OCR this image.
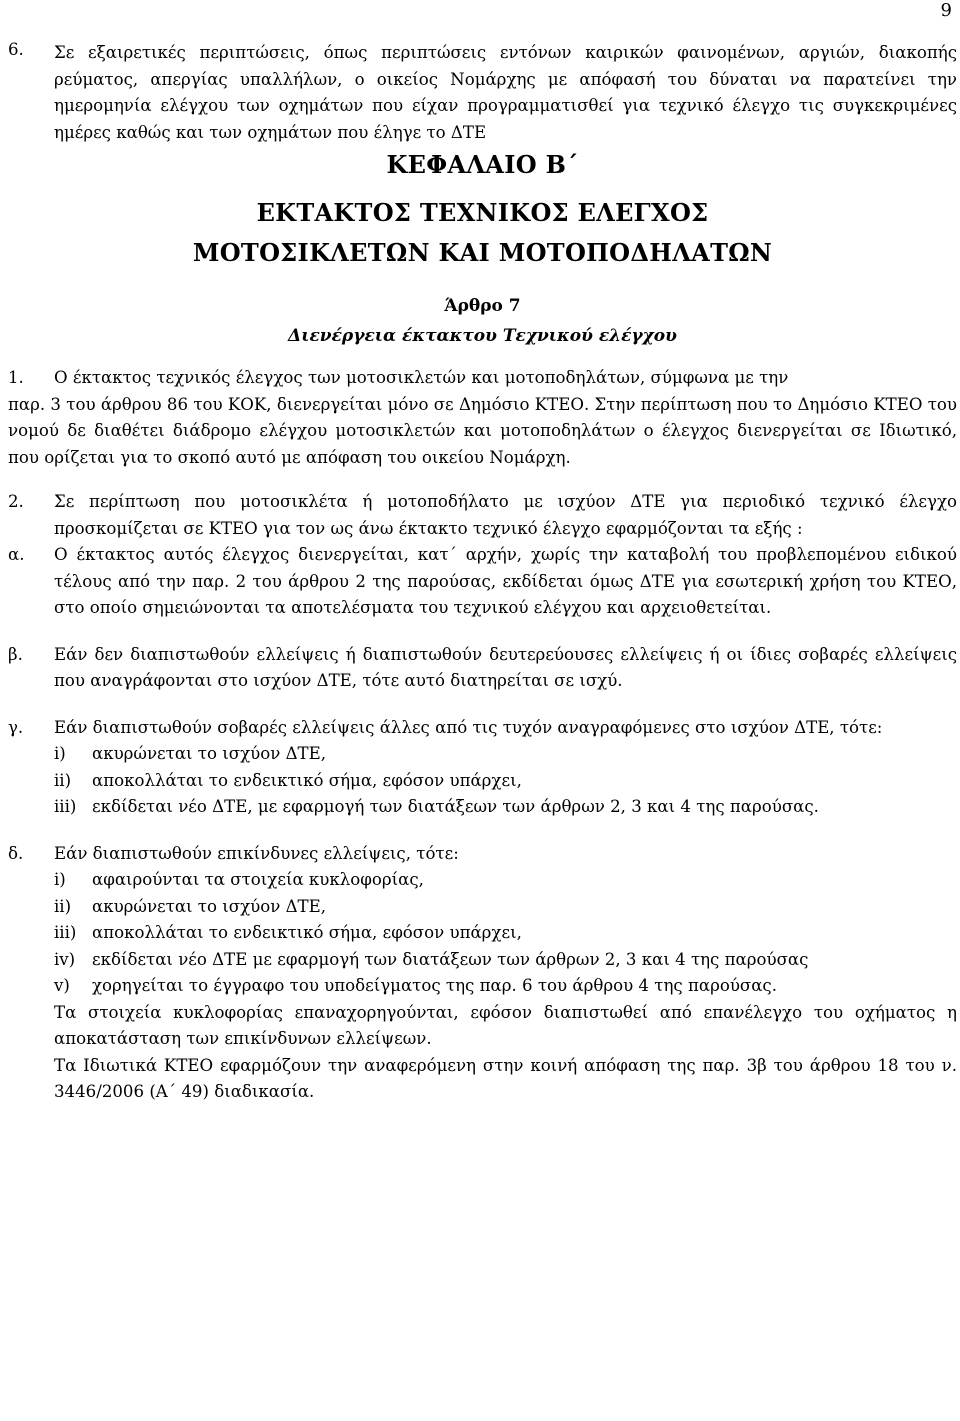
9
6.	Σε εξαιρετικές περιπτώσεις, όπως περιπτώσεις εντόνων καιρικών φαινομένων, αργιών, διακοπής ρεύματος, απεργίας υπαλλήλων, ο οικείος Νομάρχης με απόφασή του δύναται να παρατείνει την ημερομηνία ελέγχου των οχημάτων που είχαν προγραμματισθεί για τεχνικό έλεγχο τις συγκεκριμένες ημέρες καθώς και των οχημάτων που έληγε το ΔΤΕ

ΚΕΦΑΛΑΙΟ Β΄

ΕΚΤΑΚΤΟΣ ΤΕΧΝΙΚΟΣ ΕΛΕΓΧΟΣ

ΜΟΤΟΣΙΚΛΕΤΩΝ ΚΑΙ ΜΟΤΟΠΟΔΗΛΑΤΩΝ

Άρθρο 7

Διενέργεια έκτακτου Τεχνικού ελέγχου

1.	Ο έκτακτος τεχνικός έλεγχος των μοτοσικλετών και μοτοποδηλάτων, σύμφωνα με την

παρ. 3 του άρθρου 86 του ΚΟΚ, διενεργείται μόνο σε Δημόσιο ΚΤΕΟ. Στην περίπτωση που το Δημόσιο ΚΤΕΟ του νομού δε διαθέτει διάδρομο ελέγχου μοτοσικλετών και μοτοποδηλάτων ο έλεγχος διενεργείται σε Ιδιωτικό, που ορίζεται για το σκοπό αυτό με απόφαση του οικείου Νομάρχη.

2.	Σε περίπτωση που μοτοσικλέτα ή μοτοποδήλατο με ισχύον ΔΤΕ για περιοδικό τεχνικό έλεγχο προσκομίζεται σε ΚΤΕΟ για τον ως άνω έκτακτο τεχνικό έλεγχο εφαρμόζονται τα εξής :
α.	Ο έκτακτος αυτός έλεγχος διενεργείται, κατ΄ αρχήν, χωρίς την καταβολή του προβλεπομένου ειδικού τέλους από την παρ. 2 του άρθρου 2 της παρούσας, εκδίδεται όμως ΔΤΕ για εσωτερική χρήση του ΚΤΕΟ, στο οποίο σημειώνονται τα αποτελέσματα του τεχνικού ελέγχου και αρχειοθετείται.
β.	Εάν δεν διαπιστωθούν ελλείψεις ή διαπιστωθούν δευτερεύουσες ελλείψεις ή οι ίδιες σοβαρές ελλείψεις που αναγράφονται στο ισχύον ΔΤΕ, τότε αυτό διατηρείται σε ισχύ.
γ.	Εάν διαπιστωθούν σοβαρές ελλείψεις άλλες από τις τυχόν αναγραφόμενες στο ισχύον ΔΤΕ, τότε:

i)	ακυρώνεται το ισχύον ΔΤΕ,
ii)	αποκολλάται το ενδεικτικό σήμα, εφόσον υπάρχει,
iii) εκδίδεται νέο ΔΤΕ, με εφαρμογή των διατάξεων των άρθρων 2, 3 και 4 της παρούσας.
δ.	Εάν διαπιστωθούν επικίνδυνες ελλείψεις, τότε:

i)	αφαιρούνται τα στοιχεία κυκλοφορίας,
ii)	ακυρώνεται το ισχύον ΔΤΕ,
iii) αποκολλάται το ενδεικτικό σήμα, εφόσον υπάρχει,
iv)	εκδίδεται νέο ΔΤΕ με εφαρμογή των διατάξεων των άρθρων 2, 3 και 4 της παρούσας
v)	χορηγείται το έγγραφο του υποδείγματος της παρ. 6 του άρθρου 4 της παρούσας.

Τα στοιχεία κυκλοφορίας επαναχορηγούνται, εφόσον διαπιστωθεί από επανέλεγχο του οχήματος η αποκατάσταση των επικίνδυνων ελλείψεων.

Τα Ιδιωτικά ΚΤΕΟ εφαρμόζουν την αναφερόμενη στην κοινή απόφαση της παρ. 3β του άρθρου 18 του ν. 3446/2006 (Α΄ 49) διαδικασία.
